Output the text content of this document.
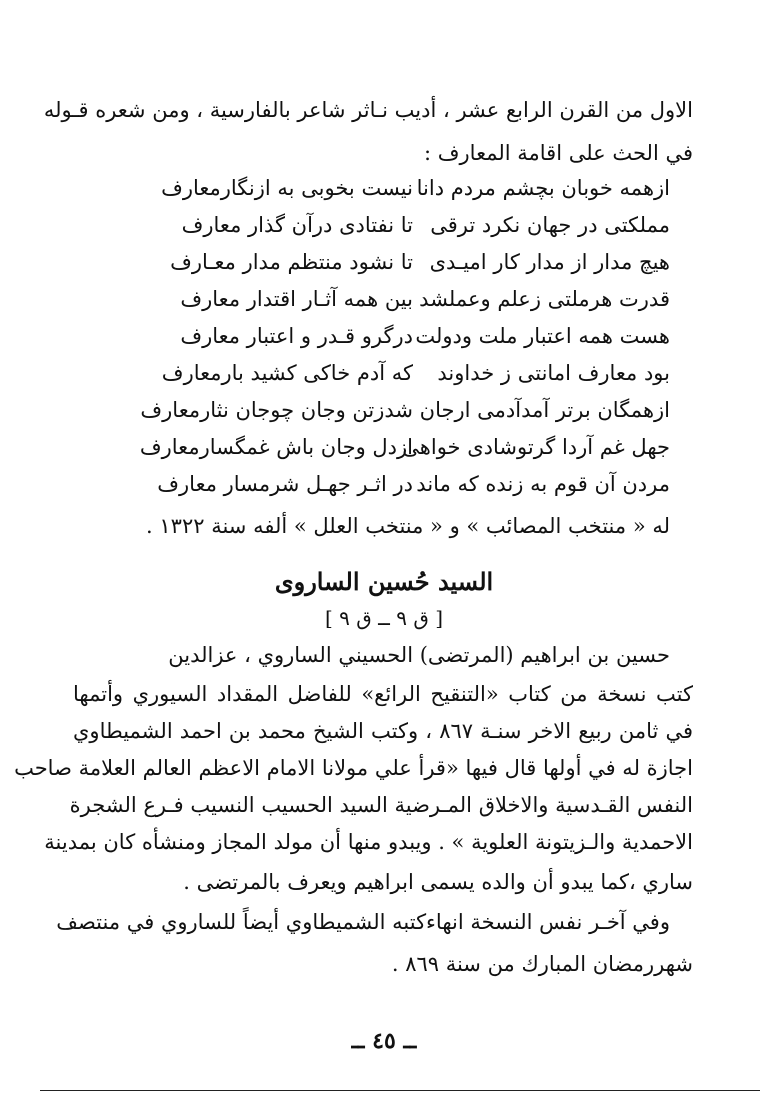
الاول من القرن الرابع عشر ، أديب نـاثر شاعر بالفارسية ، ومن شعره قـوله
في الحث على اقامة المعارف :
ازهمه خوبان بچشم مردم دانا
نيست بخوبى به ازنگارمعارف
مملكتى در جهان نكرد ترقى
تا نفتادى درآن گذار معارف
هيچ مدار از مدار كار اميـدى
تا نشود منتظم مدار معـارف
قدرت هرملتى زعلم وعملشد
بين همه آثـار اقتدار معارف
هست همه اعتبار ملت ودولت
درگرو قـدر و اعتبار معارف
بود معارف امانتى ز خداوند
كه آدم خاكى كشيد بارمعارف
ازهمگان برتر آمدآدمى ارجان
شدزتن وجان چوجان نثارمعارف
جهل غم آردا گرتوشادى خواهى
ازدل وجان باش غمگسارمعارف
مردن آن قوم به زنده كه ماند
در اثـر جهـل شرمسار معارف
له « منتخب المصائب » و « منتخب العلل » ألفه سنة ١٣٢٢ .
السيد حُسين الساروى
[ ق ٩ ــ ق ٩ ]
حسين بن ابراهيم (المرتضى) الحسيني الساروي ، عزالدين
كتب نسخة من كتاب «التنقيح الرائع» للفاضل المقداد السيوري وأتمها
في ثامن ربيع الاخر سنـة ٨٦٧ ، وكتب الشيخ محمد بن احمد الشميطاوي
اجازة له في أولها قال فيها «قرأ علي مولانا الامام الاعظم العالم العلامة صاحب
النفس القـدسية والاخلاق المـرضية السيد الحسيب النسيب فـرع الشجرة
الاحمدية والـزيتونة العلوية » . ويبدو منها أن مولد المجاز ومنشأه كان بمدينة
ساري ،كما يبدو أن والده يسمى ابراهيم ويعرف بالمرتضى .
وفي آخـر نفس النسخة انهاءكتبه الشميطاوي أيضاً للساروي في منتصف
شهررمضان المبارك من سنة ٨٦٩ .
ــ ٤٥ ــ
